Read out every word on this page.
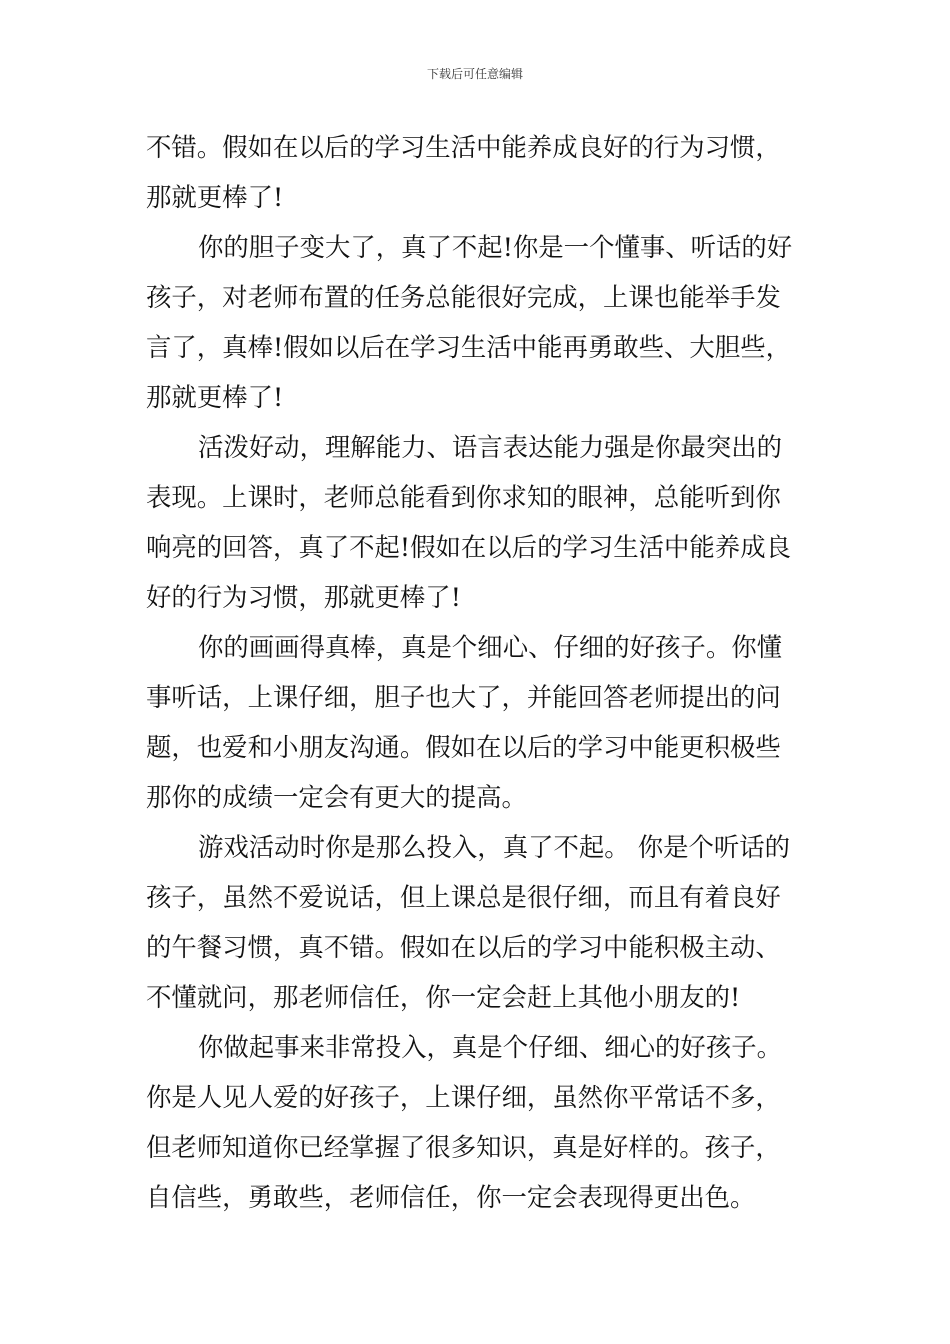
下载后可任意编辑
不错。假如在以后的学习生活中能养成良好的行为习惯，
那就更棒了!
你的胆子变大了，真了不起!你是一个懂事、听话的好
孩子，对老师布置的任务总能很好完成，上课也能举手发
言了，真棒!假如以后在学习生活中能再勇敢些、大胆些，
那就更棒了!
活泼好动，理解能力、语言表达能力强是你最突出的
表现。上课时，老师总能看到你求知的眼神，总能听到你
响亮的回答，真了不起!假如在以后的学习生活中能养成良
好的行为习惯，那就更棒了!
你的画画得真棒，真是个细心、仔细的好孩子。你懂
事听话，上课仔细，胆子也大了，并能回答老师提出的问
题，也爱和小朋友沟通。假如在以后的学习中能更积极些
那你的成绩一定会有更大的提高。
游戏活动时你是那么投入，真了不起。 你是个听话的
孩子，虽然不爱说话，但上课总是很仔细，而且有着良好
的午餐习惯，真不错。假如在以后的学习中能积极主动、
不懂就问，那老师信任，你一定会赶上其他小朋友的!
你做起事来非常投入，真是个仔细、细心的好孩子。
你是人见人爱的好孩子，上课仔细，虽然你平常话不多，
但老师知道你已经掌握了很多知识，真是好样的。孩子，
自信些，勇敢些，老师信任，你一定会表现得更出色。
